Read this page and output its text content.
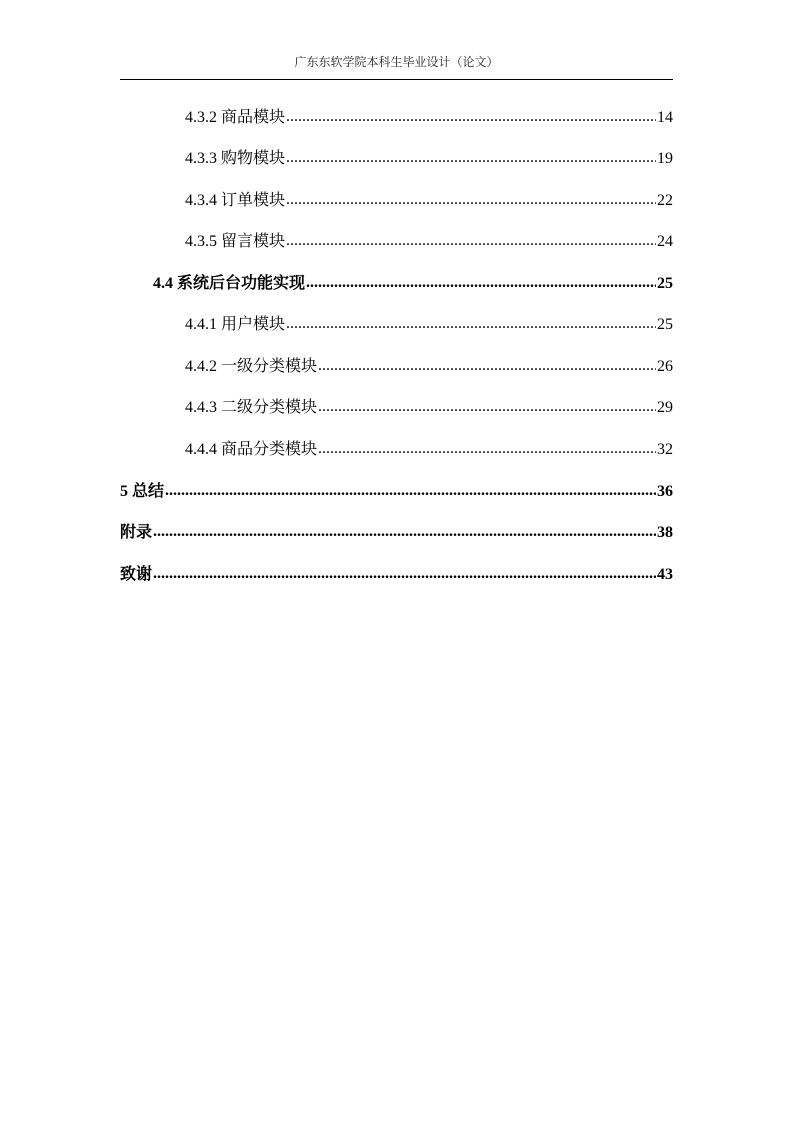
广东东软学院本科生毕业设计（论文）
4.3.2 商品模块 .....	14
4.3.3 购物模块 .....	19
4.3.4 订单模块 .....	22
4.3.5 留言模块 .....	24
4.4 系统后台功能实现 .....	25
4.4.1 用户模块 .....	25
4.4.2 一级分类模块 .....	26
4.4.3 二级分类模块 .....	29
4.4.4 商品分类模块 .....	32
5 总结 .....	36
附录 .....	38
致谢 .....	43
